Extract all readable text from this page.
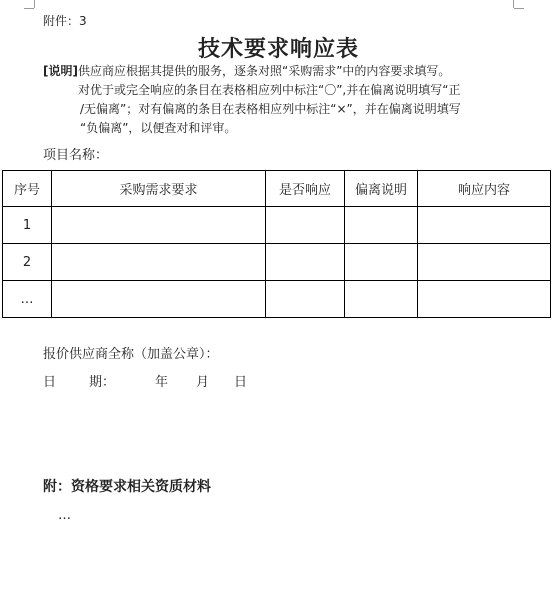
附件：3
技术要求响应表
[说明]供应商应根据其提供的服务，逐条对照“采购需求”中的内容要求填写。
对优于或完全响应的条目在表格相应列中标注“〇”,并在偏离说明填写“正
/无偏离”；对有偏离的条目在表格相应列中标注“×”，并在偏离说明填写
“负偏离”，以便查对和评审。
项目名称：
序号	采购需求要求	是否响应	偏离说明	响应内容
1				
2				
…				
报价供应商全称（加盖公章）：
日	期：	年 月 日
附：资格要求相关资质材料
…
